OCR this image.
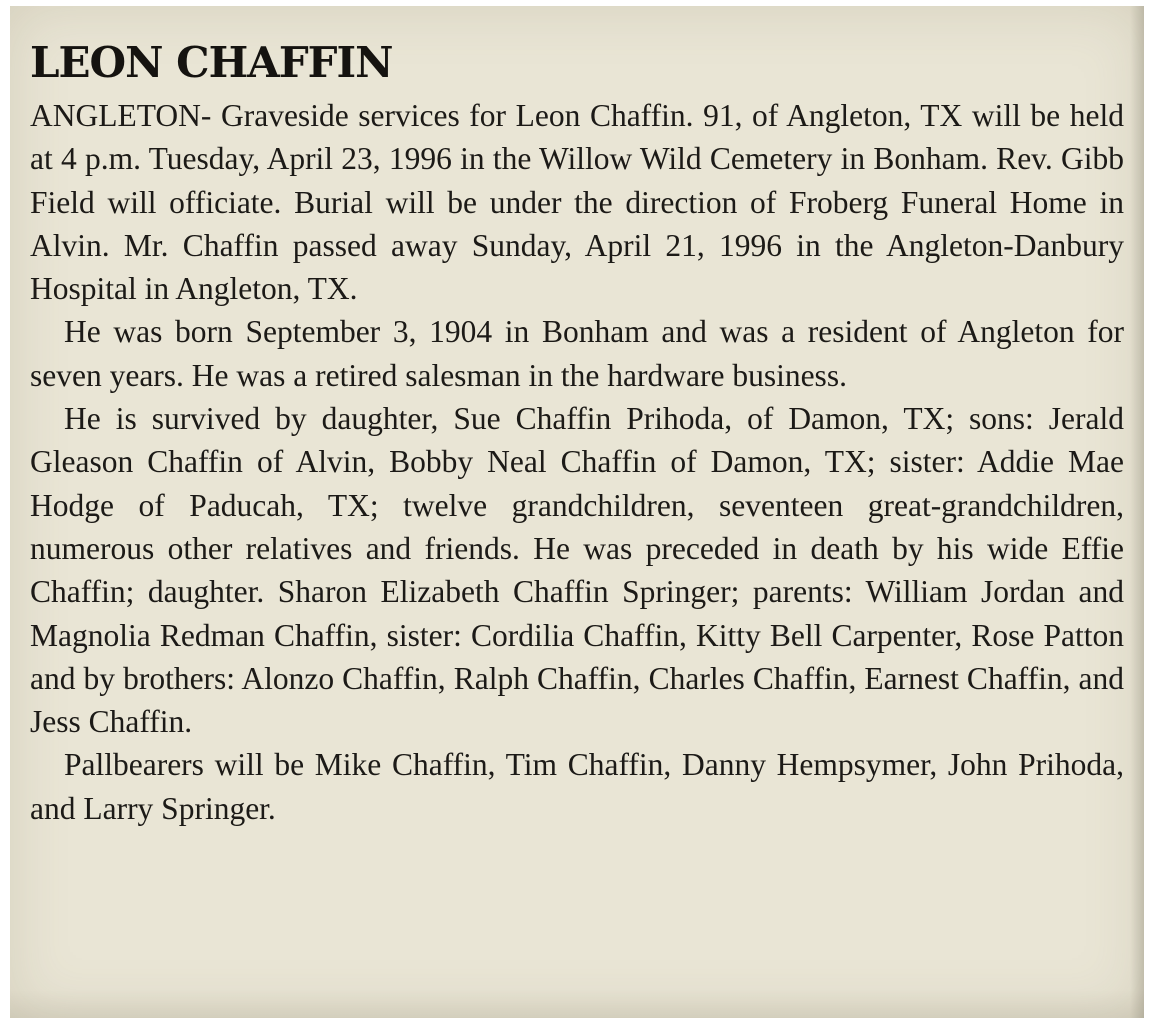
LEON CHAFFIN

ANGLETON- Graveside services for Leon Chaffin. 91, of Angleton, TX will be held at 4 p.m. Tuesday, April 23, 1996 in the Willow Wild Cemetery in Bonham. Rev. Gibb Field will officiate. Burial will be under the direction of Froberg Funeral Home in Alvin. Mr. Chaffin passed away Sunday, April 21, 1996 in the Angleton-Danbury Hospital in Angleton, TX.

He was born September 3, 1904 in Bonham and was a resident of Angleton for seven years. He was a retired salesman in the hardware business.

He is survived by daughter, Sue Chaffin Prihoda, of Damon, TX; sons: Jerald Gleason Chaffin of Alvin, Bobby Neal Chaffin of Damon, TX; sister: Addie Mae Hodge of Paducah, TX; twelve grandchildren, seventeen great-grandchildren, numerous other relatives and friends. He was preceded in death by his wide Effie Chaffin; daughter. Sharon Elizabeth Chaffin Springer; parents: William Jordan and Magnolia Redman Chaffin, sister: Cordilia Chaffin, Kitty Bell Carpenter, Rose Patton and by brothers: Alonzo Chaffin, Ralph Chaffin, Charles Chaffin, Earnest Chaffin, and Jess Chaffin.

Pallbearers will be Mike Chaffin, Tim Chaffin, Danny Hempsymer, John Prihoda, and Larry Springer.
